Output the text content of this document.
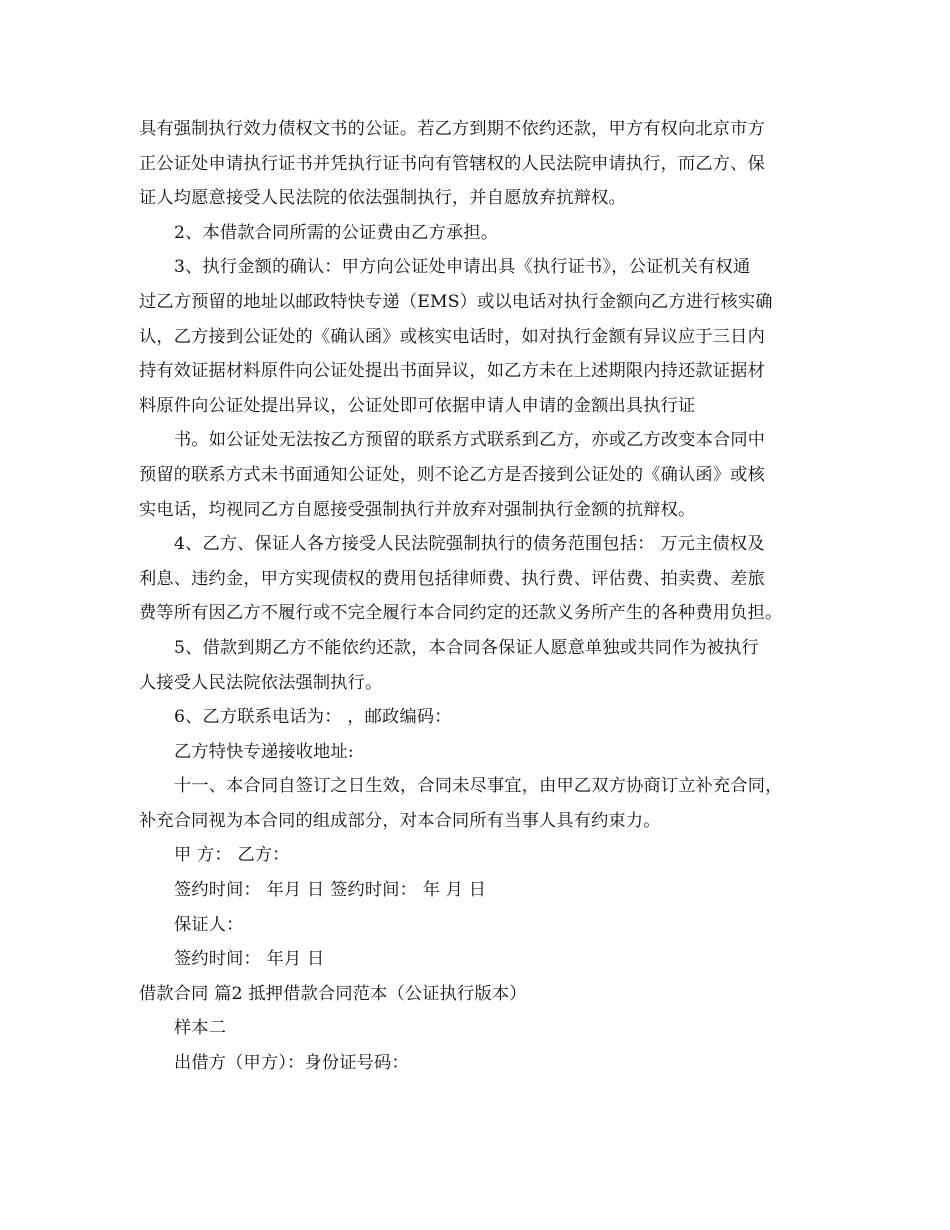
具有强制执行效力债权文书的公证。若乙方到期不依约还款，甲方有权向北京市方
正公证处申请执行证书并凭执行证书向有管辖权的人民法院申请执行，而乙方、保
证人均愿意接受人民法院的依法强制执行，并自愿放弃抗辩权。
2、本借款合同所需的公证费由乙方承担。
3、执行金额的确认：甲方向公证处申请出具《执行证书》，公证机关有权通
过乙方预留的地址以邮政特快专递（EMS）或以电话对执行金额向乙方进行核实确
认，乙方接到公证处的《确认函》或核实电话时，如对执行金额有异议应于三日内
持有效证据材料原件向公证处提出书面异议，如乙方未在上述期限内持还款证据材
料原件向公证处提出异议，公证处即可依据申请人申请的金额出具执行证
书。如公证处无法按乙方预留的联系方式联系到乙方，亦或乙方改变本合同中
预留的联系方式未书面通知公证处，则不论乙方是否接到公证处的《确认函》或核
实电话，均视同乙方自愿接受强制执行并放弃对强制执行金额的抗辩权。
4、乙方、保证人各方接受人民法院强制执行的债务范围包括： 万元主债权及
利息、违约金，甲方实现债权的费用包括律师费、执行费、评估费、拍卖费、差旅
费等所有因乙方不履行或不完全履行本合同约定的还款义务所产生的各种费用负担。
5、借款到期乙方不能依约还款，本合同各保证人愿意单独或共同作为被执行
人接受人民法院依法强制执行。
6、乙方联系电话为： ，邮政编码：
乙方特快专递接收地址:
十一、本合同自签订之日生效，合同未尽事宜，由甲乙双方协商订立补充合同，
补充合同视为本合同的组成部分，对本合同所有当事人具有约束力。
甲 方： 乙方：
签约时间： 年月 日 签约时间： 年 月 日
保证人：
签约时间： 年月 日
借款合同 篇2 抵押借款合同范本（公证执行版本）
样本二
出借方（甲方）：身份证号码：
